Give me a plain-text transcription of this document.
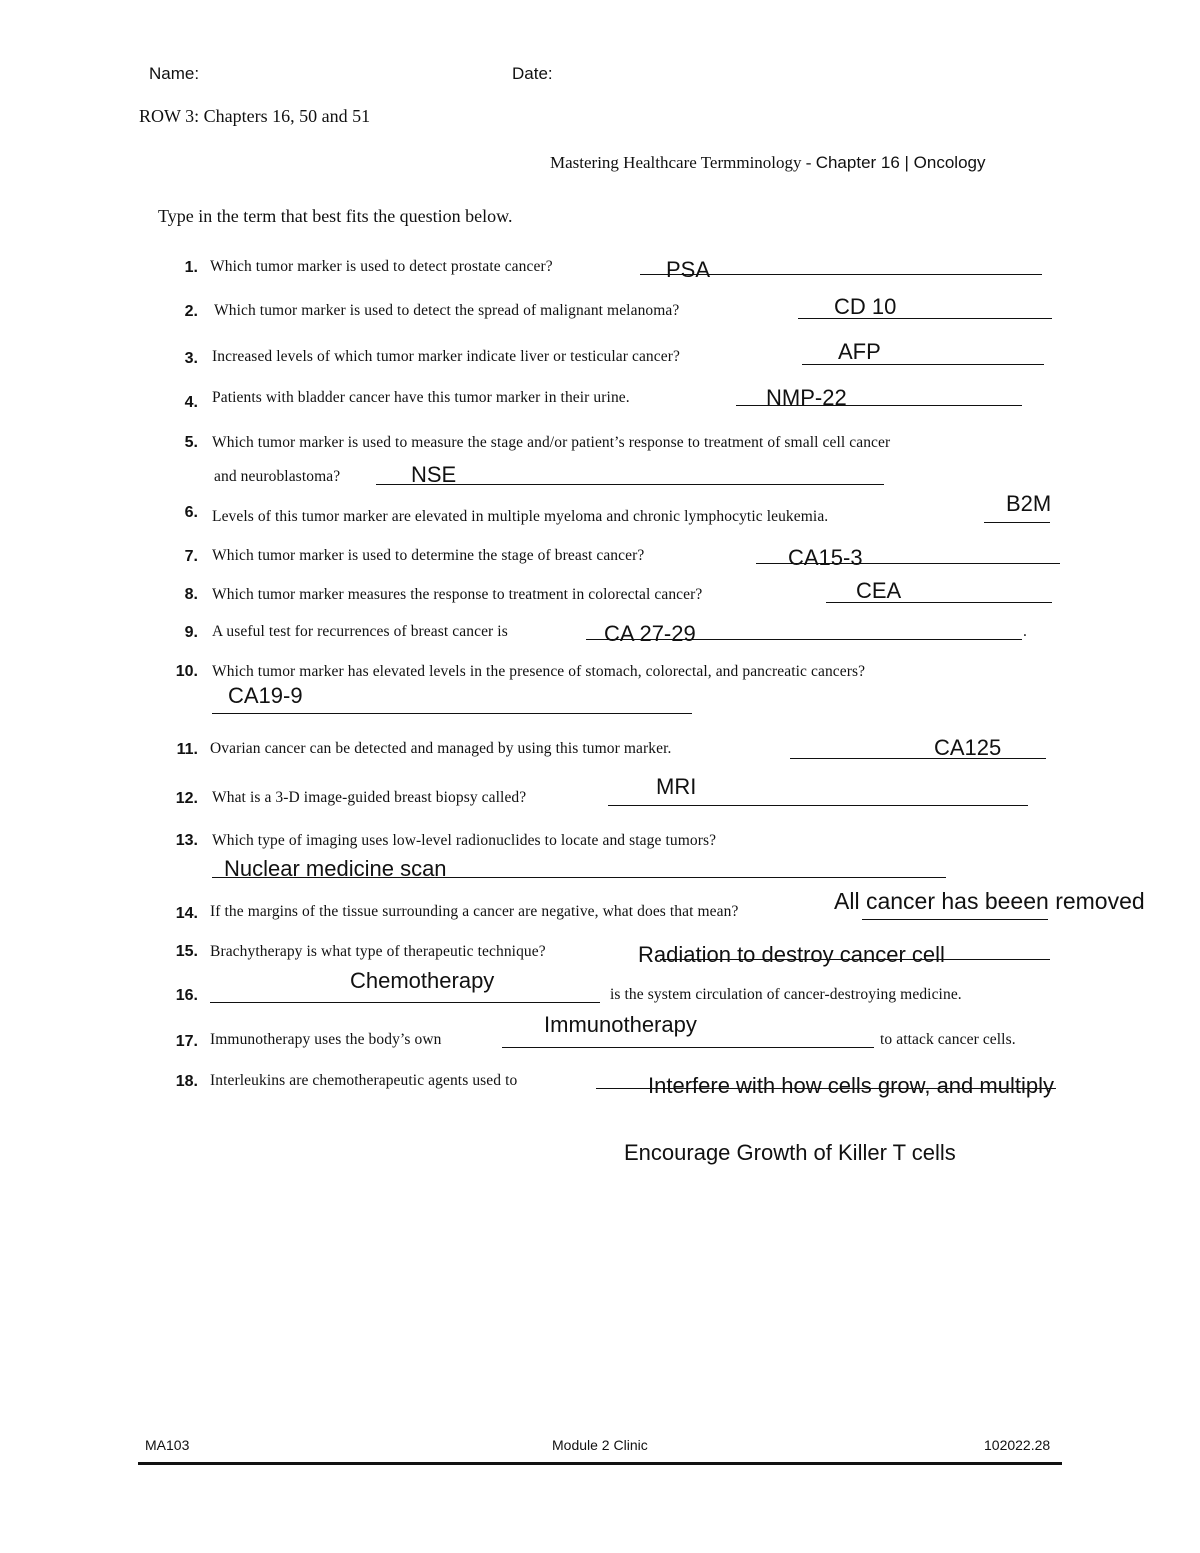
Name:	Date:
ROW 3: Chapters 16, 50 and 51
Mastering Healthcare Termminology - Chapter 16 | Oncology
Type in the term that best fits the question below.
1. Which tumor marker is used to detect prostate cancer?	PSA
2. Which tumor marker is used to detect the spread of malignant melanoma?	CD 10
3. Increased levels of which tumor marker indicate liver or testicular cancer?	AFP
4. Patients with bladder cancer have this tumor marker in their urine.	NMP-22
5. Which tumor marker is used to measure the stage and/or patient’s response to treatment of small cell cancer
and neuroblastoma?	NSE
6. Levels of this tumor marker are elevated in multiple myeloma and chronic lymphocytic leukemia.
B2M
7. Which tumor marker is used to determine the stage of breast cancer?	CA15-3
8. Which tumor marker measures the response to treatment in colorectal cancer?	CEA
9. A useful test for recurrences of breast cancer is	.
CA 27-29
10. Which tumor marker has elevated levels in the presence of stomach, colorectal, and pancreatic cancers?
CA19-9
11. Ovarian cancer can be detected and managed by using this tumor marker.	CA125
12. What is a 3-D image-guided breast biopsy called?	MRI
13. Which type of imaging uses low-level radionuclides to locate and stage tumors?
Nuclear medicine scan
14. If the margins of the tissue surrounding a cancer are negative, what does that mean?	All cancer has beeen removed
15. Brachytherapy is what type of therapeutic technique?	Radiation to destroy cancer cell
16.	is the system circulation of cancer-destroying medicine.
Chemotherapy
17. Immunotherapy uses the body’s own	to attack cancer cells.
Immunotherapy
18. Interleukins are chemotherapeutic agents used to	Interfere with how cells grow, and multiply
Encourage Growth of Killer T cells
MA103	Module 2 Clinic	102022.28
